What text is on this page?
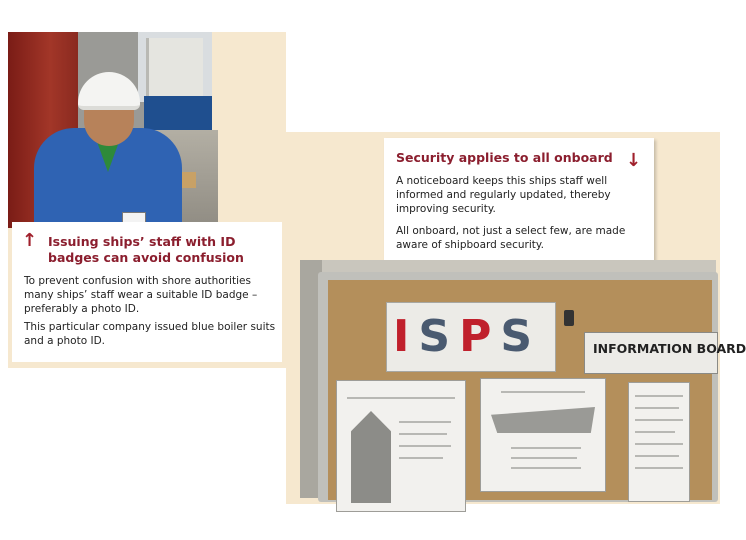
↑ Issuing ships’ staff with ID badges can avoid confusion
To prevent confusion with shore authorities many ships’ staff wear a suitable ID badge – preferably a photo ID.
This particular company issued blue boiler suits and a photo ID.
Security applies to all onboard ↓
A noticeboard keeps this ships staff well informed and regularly updated, thereby improving security.
All onboard, not just a select few, are made aware of shipboard security.
ISPS	INFORMATION BOARD
